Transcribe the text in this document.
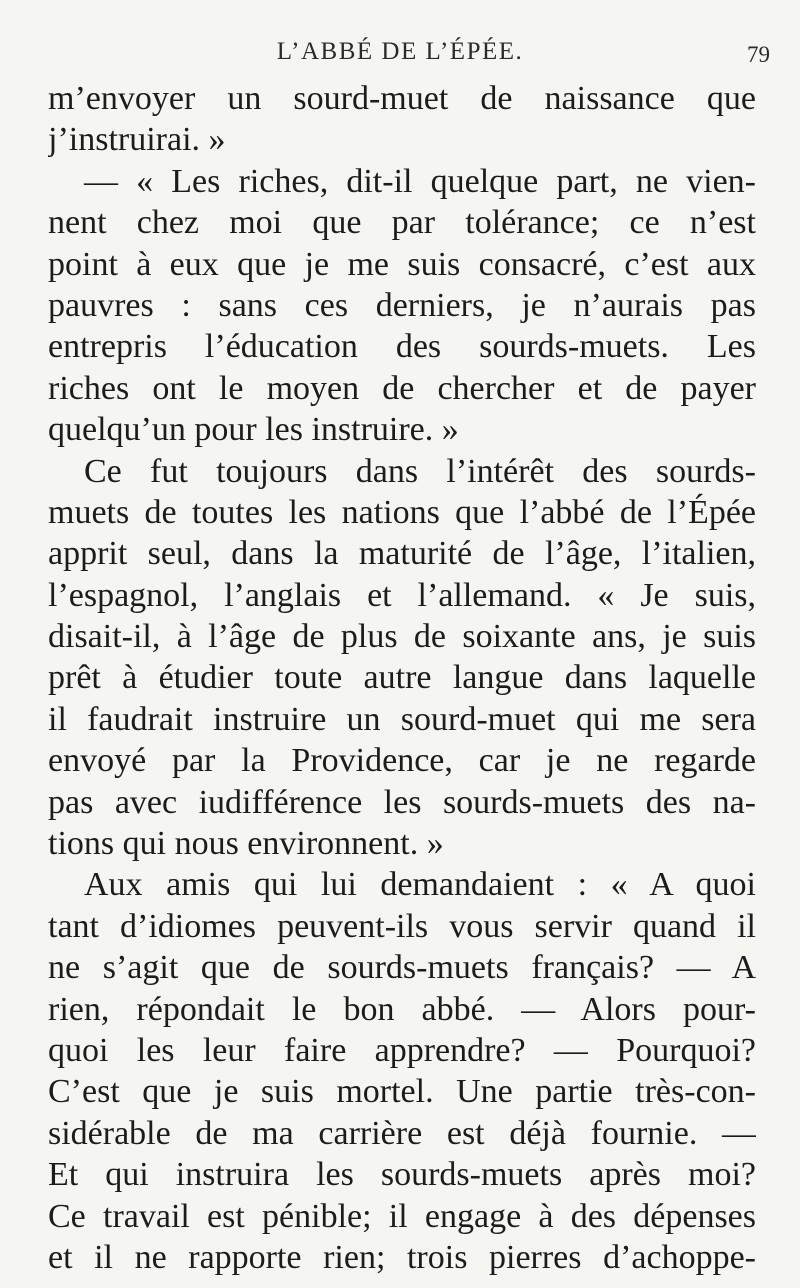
L’ABBÉ DE L’ÉPÉE.	79
m’envoyer un sourd-muet de naissance que
j’instruirai. »
— « Les riches, dit-il quelque part, ne vien-
nent chez moi que par tolérance; ce n’est
point à eux que je me suis consacré, c’est aux
pauvres : sans ces derniers, je n’aurais pas
entrepris l’éducation des sourds-muets. Les
riches ont le moyen de chercher et de payer
quelqu’un pour les instruire. »
Ce fut toujours dans l’intérêt des sourds-
muets de toutes les nations que l’abbé de l’Épée
apprit seul, dans la maturité de l’âge, l’italien,
l’espagnol, l’anglais et l’allemand. « Je suis,
disait-il, à l’âge de plus de soixante ans, je suis
prêt à étudier toute autre langue dans laquelle
il faudrait instruire un sourd-muet qui me sera
envoyé par la Providence, car je ne regarde
pas avec iudifférence les sourds-muets des na-
tions qui nous environnent. »
Aux amis qui lui demandaient : « A quoi
tant d’idiomes peuvent-ils vous servir quand il
ne s’agit que de sourds-muets français? — A
rien, répondait le bon abbé. — Alors pour-
quoi les leur faire apprendre? — Pourquoi?
C’est que je suis mortel. Une partie très-con-
sidérable de ma carrière est déjà fournie. —
Et qui instruira les sourds-muets après moi?
Ce travail est pénible; il engage à des dépenses
et il ne rapporte rien; trois pierres d’achoppe-
